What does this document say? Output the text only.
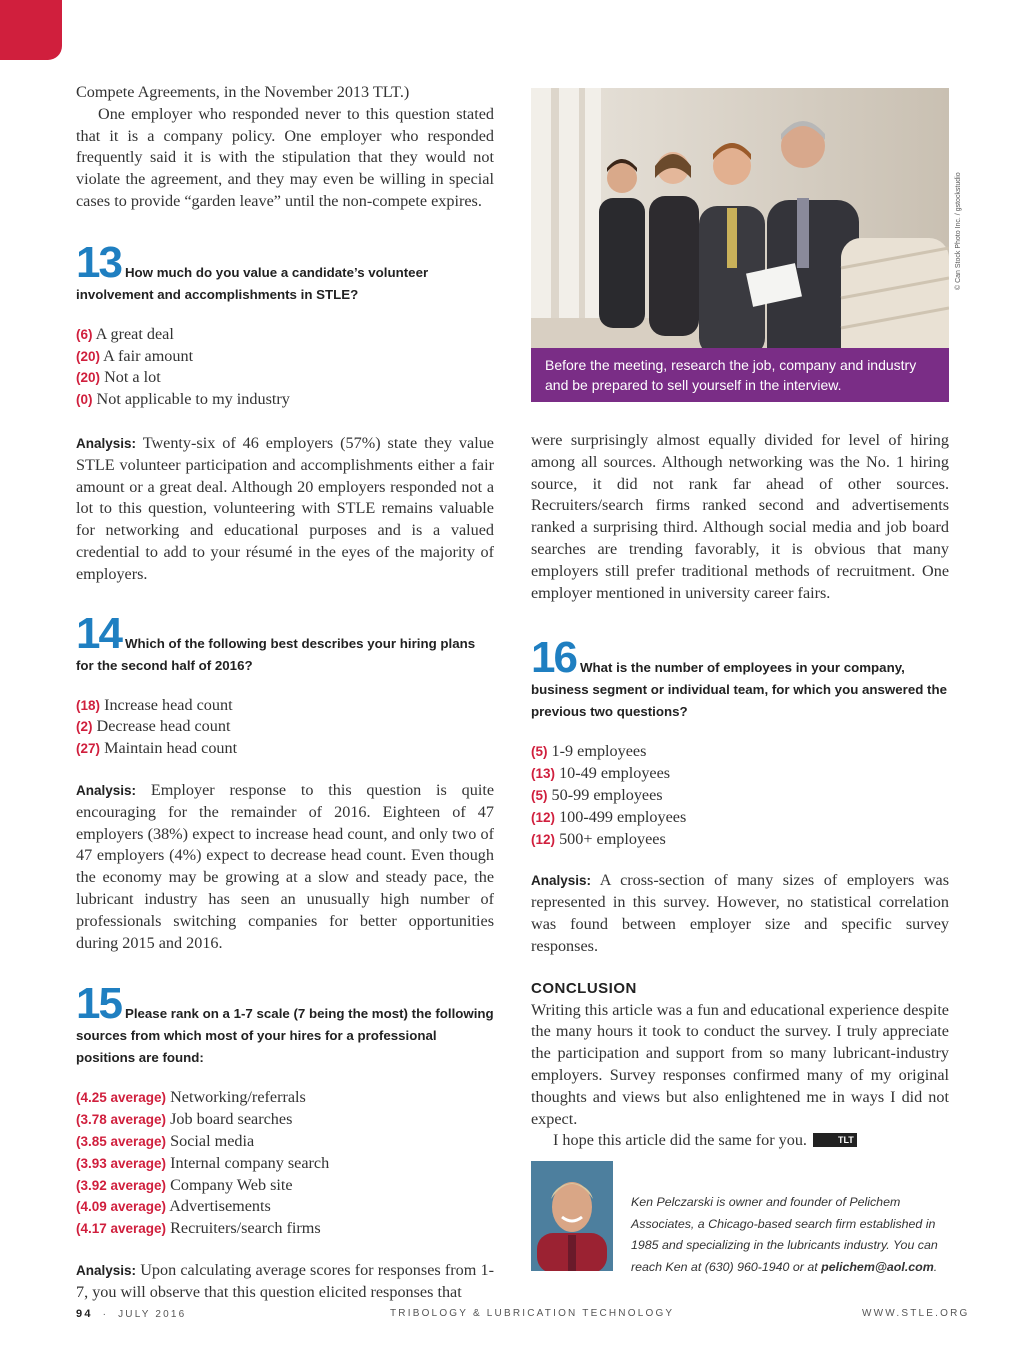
Compete Agreements, in the November 2013 TLT.)

One employer who responded never to this question stated that it is a company policy. One employer who responded frequently said it is with the stipulation that they would not violate the agreement, and they may even be willing in special cases to provide “garden leave” until the non-compete expires.

13 How much do you value a candidate’s volunteer involvement and accomplishments in STLE?
(6) A great deal
(20) A fair amount
(20) Not a lot
(0) Not applicable to my industry

Analysis: Twenty-six of 46 employers (57%) state they value STLE volunteer participation and accomplishments either a fair amount or a great deal. Although 20 employers responded not a lot to this question, volunteering with STLE remains valuable for networking and educational purposes and is a valued credential to add to your résumé in the eyes of the majority of employers.

14 Which of the following best describes your hiring plans for the second half of 2016?
(18) Increase head count
(2) Decrease head count
(27) Maintain head count

Analysis: Employer response to this question is quite encouraging for the remainder of 2016. Eighteen of 47 employers (38%) expect to increase head count, and only two of 47 employers (4%) expect to decrease head count. Even though the economy may be growing at a slow and steady pace, the lubricant industry has seen an unusually high number of professionals switching companies for better opportunities during 2015 and 2016.

15 Please rank on a 1-7 scale (7 being the most) the following sources from which most of your hires for a professional positions are found:
(4.25 average) Networking/referrals
(3.78 average) Job board searches
(3.85 average) Social media
(3.93 average) Internal company search
(3.92 average) Company Web site
(4.09 average) Advertisements
(4.17 average) Recruiters/search firms

Analysis: Upon calculating average scores for responses from 1-7, you will observe that this question elicited responses that

Before the meeting, research the job, company and industry and be prepared to sell yourself in the interview.
© Can Stock Photo Inc. / gstockstudio

were surprisingly almost equally divided for level of hiring among all sources. Although networking was the No. 1 hiring source, it did not rank far ahead of other sources. Recruiters/search firms ranked second and advertisements ranked a surprising third. Although social media and job board searches are trending favorably, it is obvious that many employers still prefer traditional methods of recruitment. One employer mentioned in university career fairs.

16 What is the number of employees in your company, business segment or individual team, for which you answered the previous two questions?
(5) 1-9 employees
(13) 10-49 employees
(5) 50-99 employees
(12) 100-499 employees
(12) 500+ employees

Analysis: A cross-section of many sizes of employers was represented in this survey. However, no statistical correlation was found between employer size and specific survey responses.

CONCLUSION

Writing this article was a fun and educational experience despite the many hours it took to conduct the survey. I truly appreciate the participation and support from so many lubricant-industry employers. Survey responses confirmed many of my original thoughts and views but also enlightened me in ways I did not expect.

I hope this article did the same for you.	TLT

Ken Pelczarski is owner and founder of Pelichem Associates, a Chicago-based search firm established in 1985 and specializing in the lubricants industry. You can reach Ken at (630) 960-1940 or at pelichem@aol.com.
94  ·  JULY 2016	TRIBOLOGY & LUBRICATION TECHNOLOGY	WWW.STLE.ORG
